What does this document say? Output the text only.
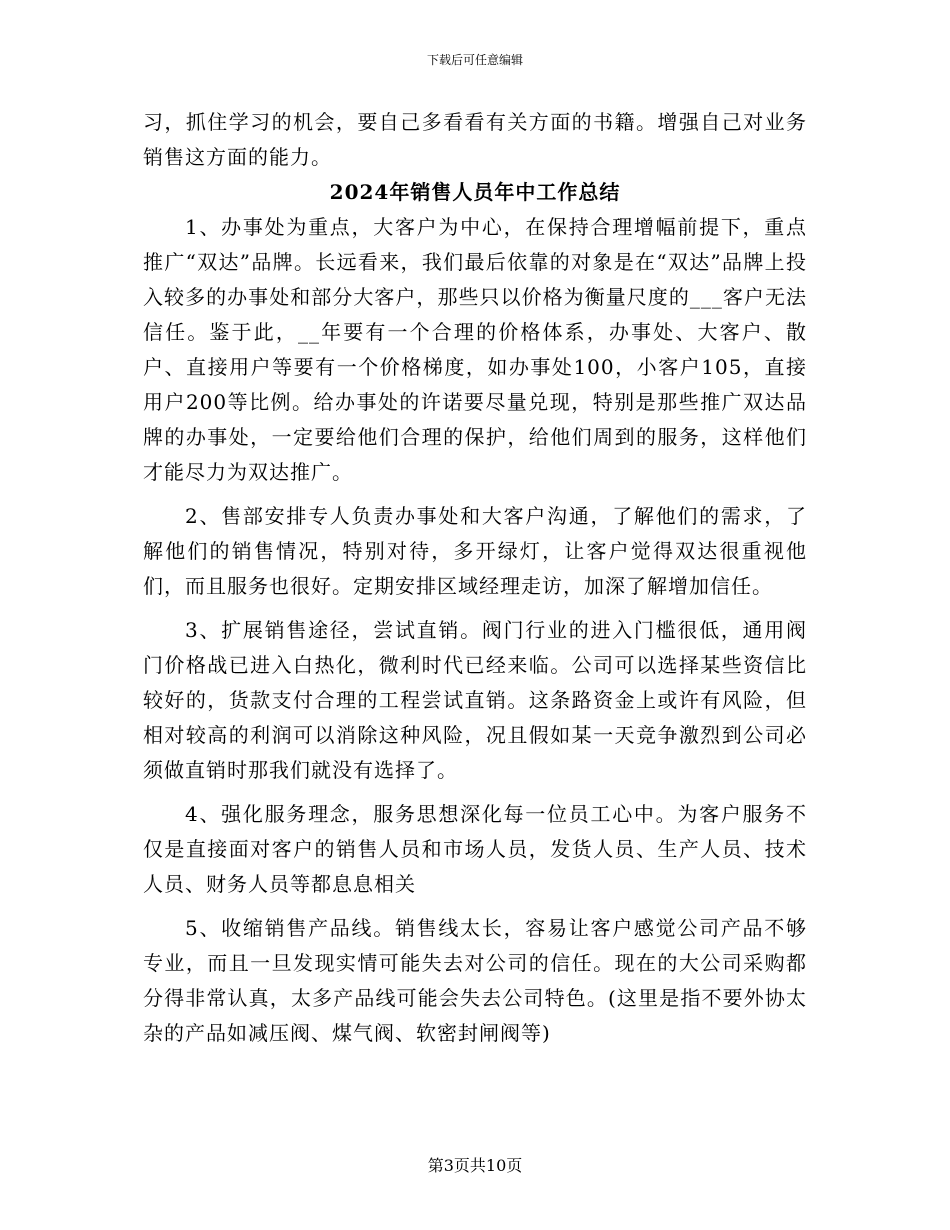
下载后可任意编辑

习，抓住学习的机会，要自己多看看有关方面的书籍。增强自己对业务销售这方面的能力。

2024年销售人员年中工作总结

1、办事处为重点，大客户为中心，在保持合理增幅前提下，重点推广“双达”品牌。长远看来，我们最后依靠的对象是在“双达”品牌上投入较多的办事处和部分大客户，那些只以价格为衡量尺度的___客户无法信任。鉴于此，__年要有一个合理的价格体系，办事处、大客户、散户、直接用户等要有一个价格梯度，如办事处100，小客户105，直接用户200等比例。给办事处的许诺要尽量兑现，特别是那些推广双达品牌的办事处，一定要给他们合理的保护，给他们周到的服务，这样他们才能尽力为双达推广。

2、售部安排专人负责办事处和大客户沟通，了解他们的需求，了解他们的销售情况，特别对待，多开绿灯，让客户觉得双达很重视他们，而且服务也很好。定期安排区域经理走访，加深了解增加信任。

3、扩展销售途径，尝试直销。阀门行业的进入门槛很低，通用阀门价格战已进入白热化，微利时代已经来临。公司可以选择某些资信比较好的，货款支付合理的工程尝试直销。这条路资金上或许有风险，但相对较高的利润可以消除这种风险，况且假如某一天竞争激烈到公司必须做直销时那我们就没有选择了。

4、强化服务理念，服务思想深化每一位员工心中。为客户服务不仅是直接面对客户的销售人员和市场人员，发货人员、生产人员、技术人员、财务人员等都息息相关

5、收缩销售产品线。销售线太长，容易让客户感觉公司产品不够专业，而且一旦发现实情可能失去对公司的信任。现在的大公司采购都分得非常认真，太多产品线可能会失去公司特色。(这里是指不要外协太杂的产品如减压阀、煤气阀、软密封闸阀等)

第3页共10页
